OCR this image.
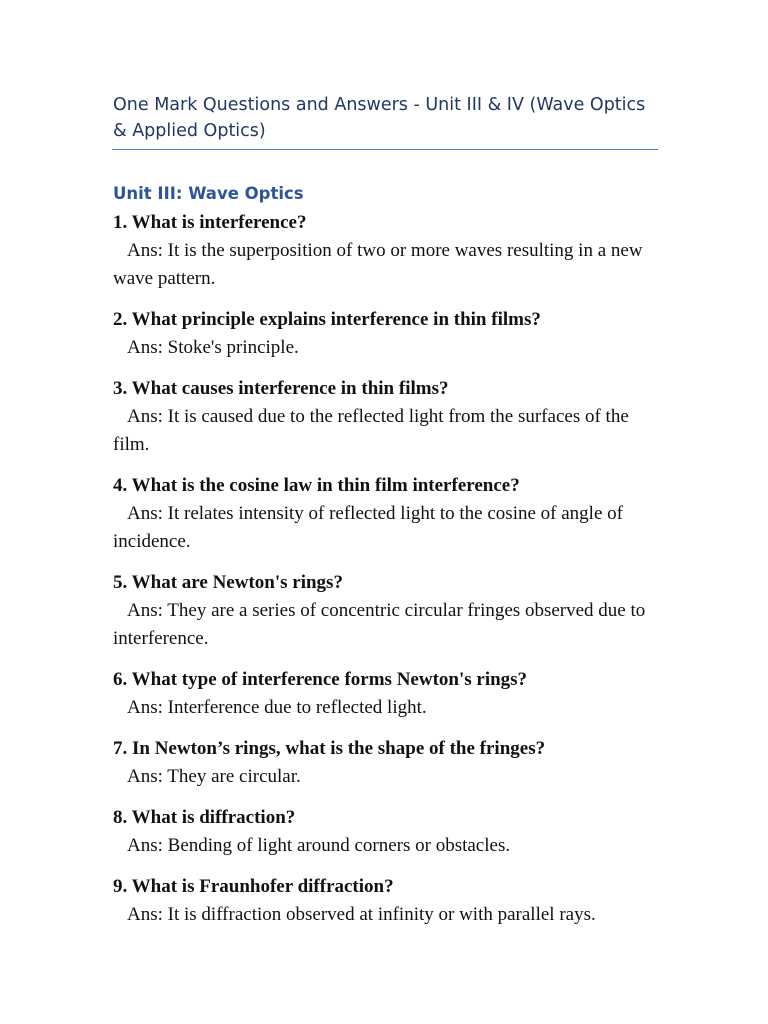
One Mark Questions and Answers - Unit III & IV (Wave Optics & Applied Optics)
Unit III: Wave Optics

1. What is interference?

Ans: It is the superposition of two or more waves resulting in a new wave pattern.

2. What principle explains interference in thin films?

Ans: Stoke's principle.

3. What causes interference in thin films?

Ans: It is caused due to the reflected light from the surfaces of the film.

4. What is the cosine law in thin film interference?

Ans: It relates intensity of reflected light to the cosine of angle of incidence.

5. What are Newton's rings?

Ans: They are a series of concentric circular fringes observed due to interference.

6. What type of interference forms Newton's rings?

Ans: Interference due to reflected light.

7. In Newton’s rings, what is the shape of the fringes?

Ans: They are circular.

8. What is diffraction?

Ans: Bending of light around corners or obstacles.

9. What is Fraunhofer diffraction?

Ans: It is diffraction observed at infinity or with parallel rays.
